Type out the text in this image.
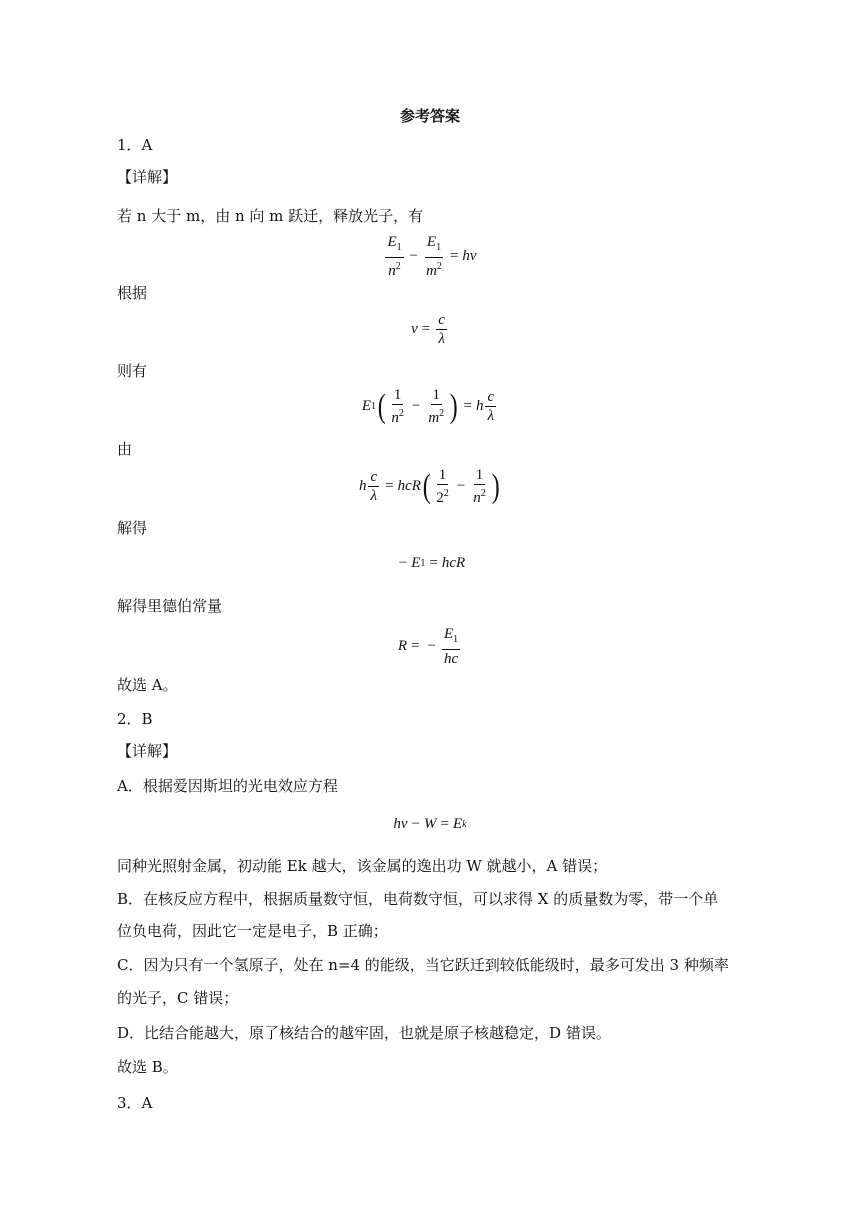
参考答案
1．A
【详解】
若 n 大于 m，由 n 向 m 跃迁，释放光子，有
$\frac{E_1}{n^2} - \frac{E_1}{m^2} = h\nu$
根据
$\nu = \frac{c}{\lambda}$
则有
E 1 ( $\frac{1}{n^2} - \frac{1}{m^2}$ ) = h $\frac{c}{\lambda}$
由
h $\frac{c}{\lambda}$ = hcR ( $\frac{1}{2^2} - \frac{1}{n^2}$ )
解得
− E 1 = hcR
解得里德伯常量
R = − $\frac{E_1}{hc}$
故选 A。
2．B
【详解】
A．根据爱因斯坦的光电效应方程
hν − W = E k
同种光照射金属，初动能 Ek 越大，该金属的逸出功 W 就越小，A 错误；
B．在核反应方程中，根据质量数守恒，电荷数守恒，可以求得 X 的质量数为零，带一个单
位负电荷，因此它一定是电子，B 正确；
C．因为只有一个氢原子，处在 n=4 的能级，当它跃迁到较低能级时，最多可发出 3 种频率
的光子，C 错误；
D．比结合能越大，原了核结合的越牢固，也就是原子核越稳定，D 错误。
故选 B。
3．A
